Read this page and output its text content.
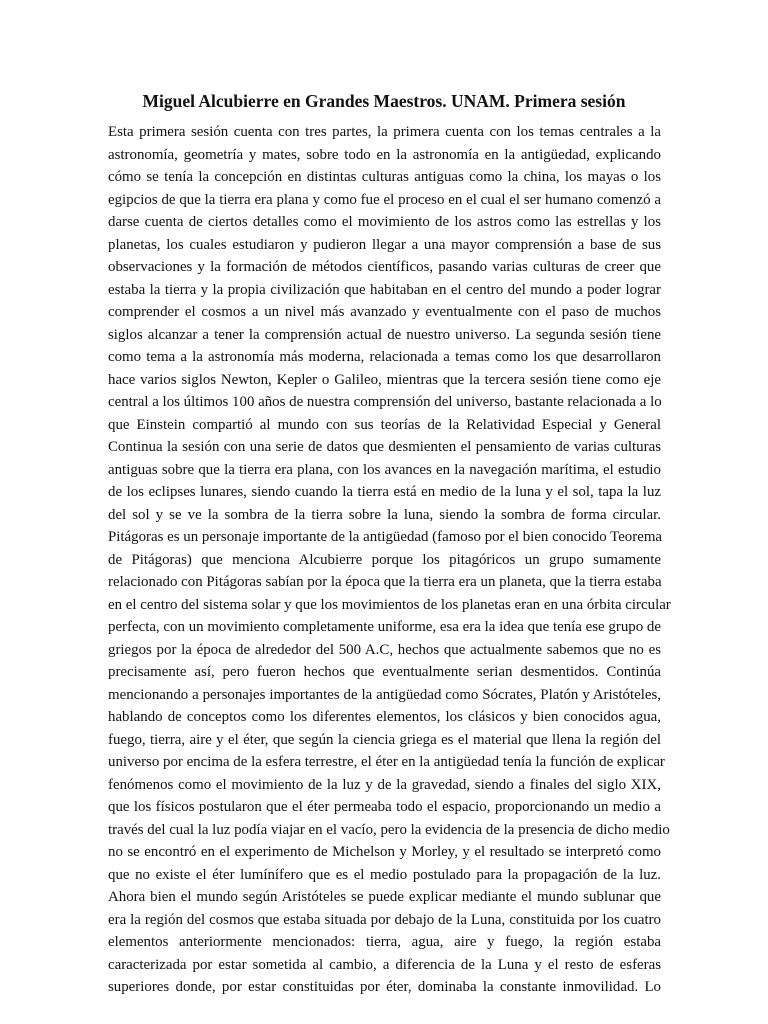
Miguel Alcubierre en Grandes Maestros. UNAM. Primera sesión
Esta primera sesión cuenta con tres partes, la primera cuenta con los temas centrales a la
astronomía, geometría y mates, sobre todo en la astronomía en la antigüedad, explicando
cómo se tenía la concepción en distintas culturas antiguas como la china, los mayas o los
egipcios de que la tierra era plana y como fue el proceso en el cual el ser humano comenzó a
darse cuenta de ciertos detalles como el movimiento de los astros como las estrellas y los
planetas, los cuales estudiaron y pudieron llegar a una mayor comprensión a base de sus
observaciones y la formación de métodos científicos, pasando varias culturas de creer que
estaba la tierra y la propia civilización que habitaban en el centro del mundo a poder lograr
comprender el cosmos a un nivel más avanzado y eventualmente con el paso de muchos
siglos alcanzar a tener la comprensión actual de nuestro universo. La segunda sesión tiene
como tema a la astronomía más moderna, relacionada a temas como los que desarrollaron
hace varios siglos Newton, Kepler o Galileo, mientras que la tercera sesión tiene como eje
central a los últimos 100 años de nuestra comprensión del universo, bastante relacionada a lo
que Einstein compartió al mundo con sus teorías de la Relatividad Especial y General
Continua la sesión con una serie de datos que desmienten el pensamiento de varias culturas
antiguas sobre que la tierra era plana, con los avances en la navegación marítima, el estudio
de los eclipses lunares, siendo cuando la tierra está en medio de la luna y el sol, tapa la luz
del sol y se ve la sombra de la tierra sobre la luna, siendo la sombra de forma circular.
Pitágoras es un personaje importante de la antigüedad (famoso por el bien conocido Teorema
de Pitágoras) que menciona Alcubierre porque los pitagóricos un grupo sumamente
relacionado con Pitágoras sabían por la época que la tierra era un planeta, que la tierra estaba
en el centro del sistema solar y que los movimientos de los planetas eran en una órbita circular
perfecta, con un movimiento completamente uniforme, esa era la idea que tenía ese grupo de
griegos por la época de alrededor del 500 A.C, hechos que actualmente sabemos que no es
precisamente así, pero fueron hechos que eventualmente serian desmentidos. Continúa
mencionando a personajes importantes de la antigüedad como Sócrates, Platón y Aristóteles,
hablando de conceptos como los diferentes elementos, los clásicos y bien conocidos agua,
fuego, tierra, aire y el éter, que según la ciencia griega es el material que llena la región del
universo por encima de la esfera terrestre, el éter en la antigüedad tenía la función de explicar
fenómenos como el movimiento de la luz y de la gravedad, siendo a finales del siglo XIX,
que los físicos postularon que el éter permeaba todo el espacio, proporcionando un medio a
través del cual la luz podía viajar en el vacío, pero la evidencia de la presencia de dicho medio
no se encontró en el experimento de Michelson y Morley, y el resultado se interpretó como
que no existe el éter lumínífero que es el medio postulado para la propagación de la luz.
Ahora bien el mundo según Aristóteles se puede explicar mediante el mundo sublunar que
era la región del cosmos que estaba situada por debajo de la Luna, constituida por los cuatro
elementos anteriormente mencionados: tierra, agua, aire y fuego, la región estaba
caracterizada por estar sometida al cambio, a diferencia de la Luna y el resto de esferas
superiores donde, por estar constituidas por éter, dominaba la constante inmovilidad. Lo
